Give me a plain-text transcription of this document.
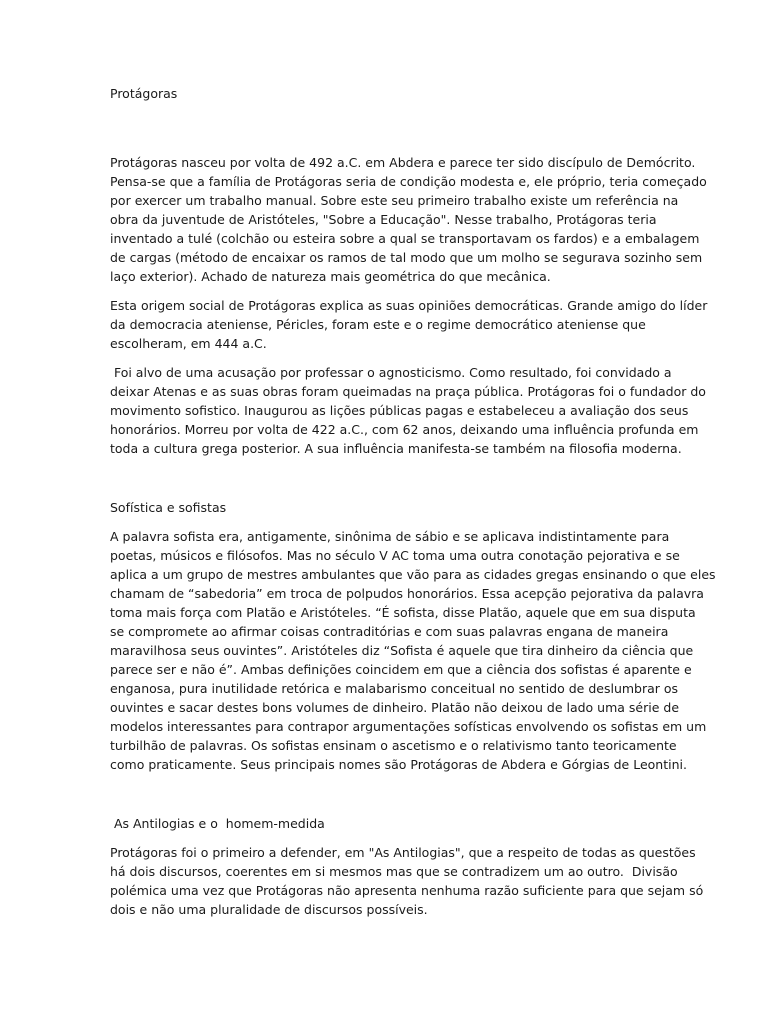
Protágoras

Protágoras nasceu por volta de 492 a.C. em Abdera e parece ter sido discípulo de Demócrito.
Pensa-se que a família de Protágoras seria de condição modesta e, ele próprio, teria começado
por exercer um trabalho manual. Sobre este seu primeiro trabalho existe um referência na
obra da juventude de Aristóteles, "Sobre a Educação". Nesse trabalho, Protágoras teria
inventado a tulé (colchão ou esteira sobre a qual se transportavam os fardos) e a embalagem
de cargas (método de encaixar os ramos de tal modo que um molho se segurava sozinho sem
laço exterior). Achado de natureza mais geométrica do que mecânica.

Esta origem social de Protágoras explica as suas opiniões democráticas. Grande amigo do líder
da democracia ateniense, Péricles, foram este e o regime democrático ateniense que
escolheram, em 444 a.C.

Foi alvo de uma acusação por professar o agnosticismo. Como resultado, foi convidado a
deixar Atenas e as suas obras foram queimadas na praça pública. Protágoras foi o fundador do
movimento sofistico. Inaugurou as lições públicas pagas e estabeleceu a avaliação dos seus
honorários. Morreu por volta de 422 a.C., com 62 anos, deixando uma influência profunda em
toda a cultura grega posterior. A sua influência manifesta-se também na filosofia moderna.

Sofística e sofistas

A palavra sofista era, antigamente, sinônima de sábio e se aplicava indistintamente para
poetas, músicos e filósofos. Mas no século V AC toma uma outra conotação pejorativa e se
aplica a um grupo de mestres ambulantes que vão para as cidades gregas ensinando o que eles
chamam de “sabedoria” em troca de polpudos honorários. Essa acepção pejorativa da palavra
toma mais força com Platão e Aristóteles. “É sofista, disse Platão, aquele que em sua disputa
se compromete ao afirmar coisas contraditórias e com suas palavras engana de maneira
maravilhosa seus ouvintes”. Aristóteles diz “Sofista é aquele que tira dinheiro da ciência que
parece ser e não é”. Ambas definições coincidem em que a ciência dos sofistas é aparente e
enganosa, pura inutilidade retórica e malabarismo conceitual no sentido de deslumbrar os
ouvintes e sacar destes bons volumes de dinheiro. Platão não deixou de lado uma série de
modelos interessantes para contrapor argumentações sofísticas envolvendo os sofistas em um
turbilhão de palavras. Os sofistas ensinam o ascetismo e o relativismo tanto teoricamente
como praticamente. Seus principais nomes são Protágoras de Abdera e Górgias de Leontini.

As Antilogias e o  homem-medida

Protágoras foi o primeiro a defender, em "As Antilogias", que a respeito de todas as questões
há dois discursos, coerentes em si mesmos mas que se contradizem um ao outro.  Divisão
polémica uma vez que Protágoras não apresenta nenhuma razão suficiente para que sejam só
dois e não uma pluralidade de discursos possíveis.
